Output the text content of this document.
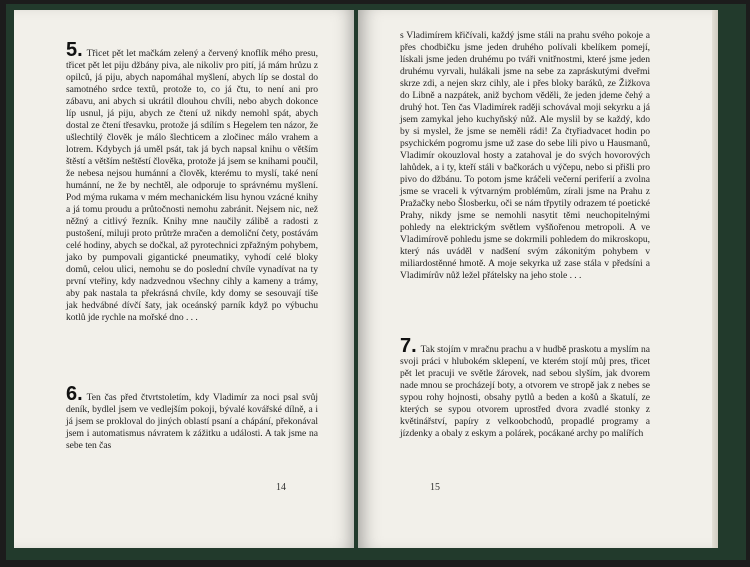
5. Třicet pět let mačkám zelený a červený knoflík mého presu, třicet pět let piju džbány piva, ale nikoliv pro pití, já mám hrůzu z opilců, já piju, abych napomáhal myšlení, abych líp se dostal do samotného srdce textů, protože to, co já čtu, to není ani pro zábavu, ani abych si ukrátil dlouhou chvíli, nebo abych dokonce líp usnul, já piju, abych ze čtení už nikdy nemohl spát, abych dostal ze čtení třesavku, protože já sdílím s Hegelem ten názor, že ušlechtilý člověk je málo šlechticem a zločinec málo vrahem a lotrem. Kdybych já uměl psát, tak já bych napsal knihu o větším štěstí a větším neštěstí člověka, protože já jsem se knihami poučil, že nebesa nejsou humánní a člověk, kterému to myslí, také není humánní, ne že by nechtěl, ale odporuje to správnému myšlení. Pod mýma rukama v mém mechanickém lisu hynou vzácné knihy a já tomu proudu a průtočnosti nemohu zabránit. Nejsem nic, než něžný a citlivý řezník. Knihy mne naučily zálibě a radosti z pustošení, miluji proto průtrže mračen a demoliční čety, postávám celé hodiny, abych se dočkal, až pyrotechnici zpřažným pohybem, jako by pumpovali gigantické pneumatiky, vyhodí celé bloky domů, celou ulici, nemohu se do poslední chvíle vynadívat na ty první vteřiny, kdy nadzvednou všechny cihly a kameny a trámy, aby pak nastala ta překrásná chvíle, kdy domy se sesouvají tiše jak hedvábné dívčí šaty, jak oceánský parník když po výbuchu kotlů jde rychle na mořské dno . . .

6. Ten čas před čtvrtstoletím, kdy Vladimír za noci psal svůj deník, bydlel jsem ve vedlejším pokoji, bývalé kovářské dílně, a i já jsem se prokloval do jiných oblastí psaní a chápání, překonával jsem i automatismus návratem k zážitku a události. A tak jsme na sebe ten čas

14

s Vladimírem křičívali, každý jsme stáli na prahu svého pokoje a přes chodbičku jsme jeden druhého polívali kbelíkem pomejí, lískali jsme jeden druhému po tváři vnitřnostmi, které jsme jeden druhému vyrvali, hulákali jsme na sebe za zapráskutými dveřmi skrze zdi, a nejen skrz cihly, ale i přes bloky baráků, ze Žižkova do Libně a nazpátek, aniž bychom věděli, že jeden jdeme čehý a druhý hot. Ten čas Vladimírek raději schovával moji sekyrku a já jsem zamykal jeho kuchyňský nůž. Ale myslil by se každý, kdo by si myslel, že jsme se neměli rádi! Za čtyřiadvacet hodin po psychickém pogromu jsme už zase do sebe lili pivo u Hausmanů, Vladimír okouzloval hosty a zatahoval je do svých hovorových lahůdek, a i ty, kteří stáli v bačkorách u výčepu, nebo si přišli pro pivo do džbánu. To potom jsme kráčeli večerní periferií a zvolna jsme se vraceli k výtvarným problémům, zírali jsme na Prahu z Pražačky nebo Šlosberku, oči se nám třpytily odrazem té poetické Prahy, nikdy jsme se nemohli nasytit těmi neuchopitelnými pohledy na elektrickým světlem vyšňořenou metropoli. A ve Vladimírově pohledu jsme se dokrmili pohledem do mikroskopu, který nás uváděl v nadšení svým zákonitým pohybem v miliardostěnné hmotě. A moje sekyrka už zase stála v předsíni a Vladimírův nůž ležel přátelsky na jeho stole . . .

7. Tak stojím v mračnu prachu a v hudbě praskotu a myslím na svoji práci v hlubokém sklepení, ve kterém stojí můj pres, třicet pět let pracuji ve světle žárovek, nad sebou slyším, jak dvorem nade mnou se procházejí boty, a otvorem ve stropě jak z nebes se sypou rohy hojnosti, obsahy pytlů a beden a košů a škatulí, ze kterých se sypou otvorem uprostřed dvora zvadlé stonky z květinářství, papíry z velkoobchodů, propadlé programy a jízdenky a obaly z eskym a polárek, pocákané archy po malířích

15
